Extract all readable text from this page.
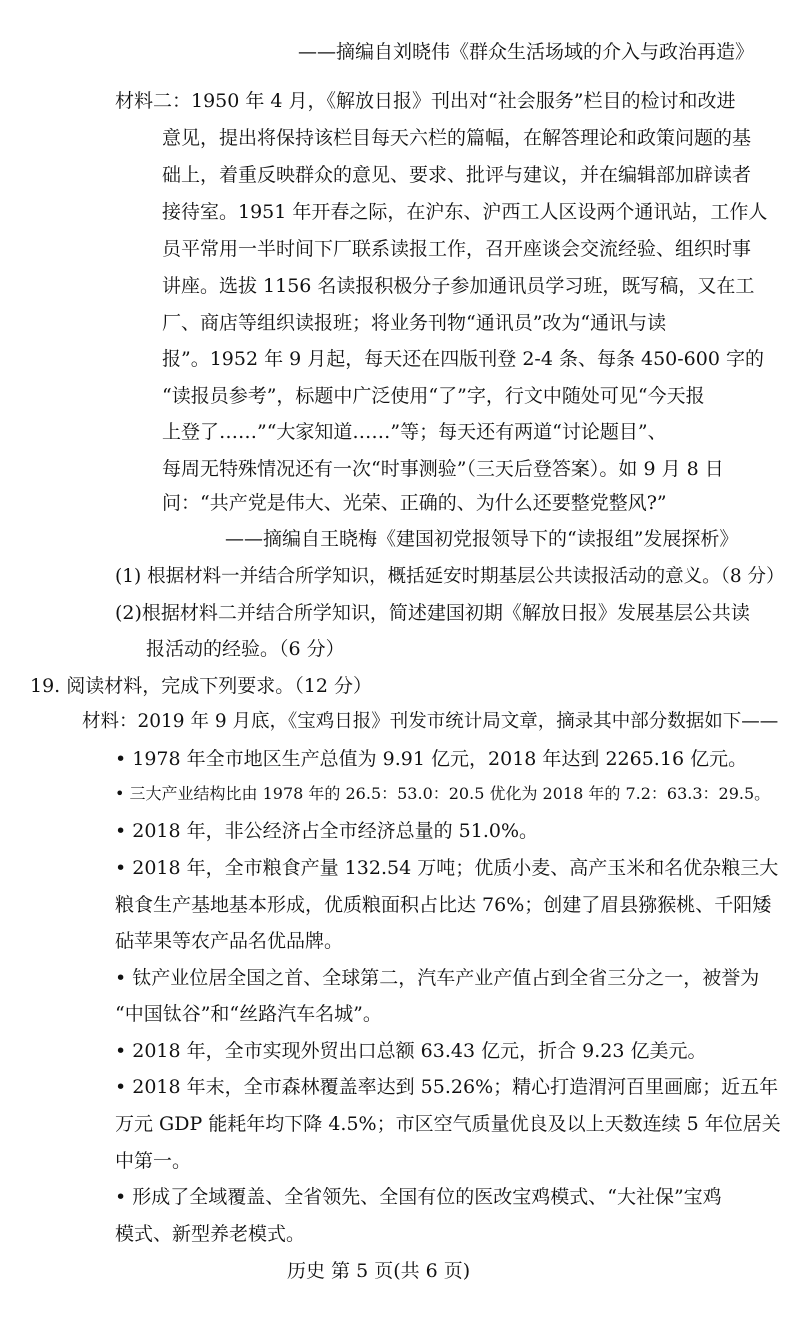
——摘编自刘晓伟《群众生活场域的介入与政治再造》
材料二：1950 年 4 月，《解放日报》刊出对“社会服务”栏目的检讨和改进
意见，提出将保持该栏目每天六栏的篇幅，在解答理论和政策问题的基
础上，着重反映群众的意见、要求、批评与建议，并在编辑部加辟读者
接待室。1951 年开春之际，在沪东、沪西工人区设两个通讯站，工作人
员平常用一半时间下厂联系读报工作，召开座谈会交流经验、组织时事
讲座。选拔 1156 名读报积极分子参加通讯员学习班，既写稿，又在工
厂、商店等组织读报班；将业务刊物“通讯员”改为“通讯与读
报”。1952 年 9 月起，每天还在四版刊登 2-4 条、每条 450-600 字的
“读报员参考”，标题中广泛使用“了”字，行文中随处可见“今天报
上登了……”“大家知道……”等；每天还有两道“讨论题目”、
每周无特殊情况还有一次“时事测验”（三天后登答案）。如 9 月 8 日
问：“共产党是伟大、光荣、正确的、为什么还要整党整风?”
——摘编自王晓梅《建国初党报领导下的“读报组”发展探析》
(1) 根据材料一并结合所学知识，概括延安时期基层公共读报活动的意义。（8 分）
(2)根据材料二并结合所学知识，简述建国初期《解放日报》发展基层公共读
报活动的经验。（6 分）
19. 阅读材料，完成下列要求。（12 分）
材料：2019 年 9 月底，《宝鸡日报》刊发市统计局文章，摘录其中部分数据如下——
• 1978 年全市地区生产总值为 9.91 亿元，2018 年达到 2265.16 亿元。
• 三大产业结构比由 1978 年的 26.5：53.0：20.5 优化为 2018 年的 7.2：63.3：29.5。
• 2018 年，非公经济占全市经济总量的 51.0%。
• 2018 年，全市粮食产量 132.54 万吨；优质小麦、高产玉米和名优杂粮三大
粮食生产基地基本形成，优质粮面积占比达 76%；创建了眉县猕猴桃、千阳矮
砧苹果等农产品名优品牌。
• 钛产业位居全国之首、全球第二，汽车产业产值占到全省三分之一，被誉为
“中国钛谷”和“丝路汽车名城”。
• 2018 年，全市实现外贸出口总额 63.43 亿元，折合 9.23 亿美元。
• 2018 年末，全市森林覆盖率达到 55.26%；精心打造渭河百里画廊；近五年
万元 GDP 能耗年均下降 4.5%；市区空气质量优良及以上天数连续 5 年位居关
中第一。
• 形成了全域覆盖、全省领先、全国有位的医改宝鸡模式、“大社保”宝鸡
模式、新型养老模式。
历史 第 5 页(共 6 页)
